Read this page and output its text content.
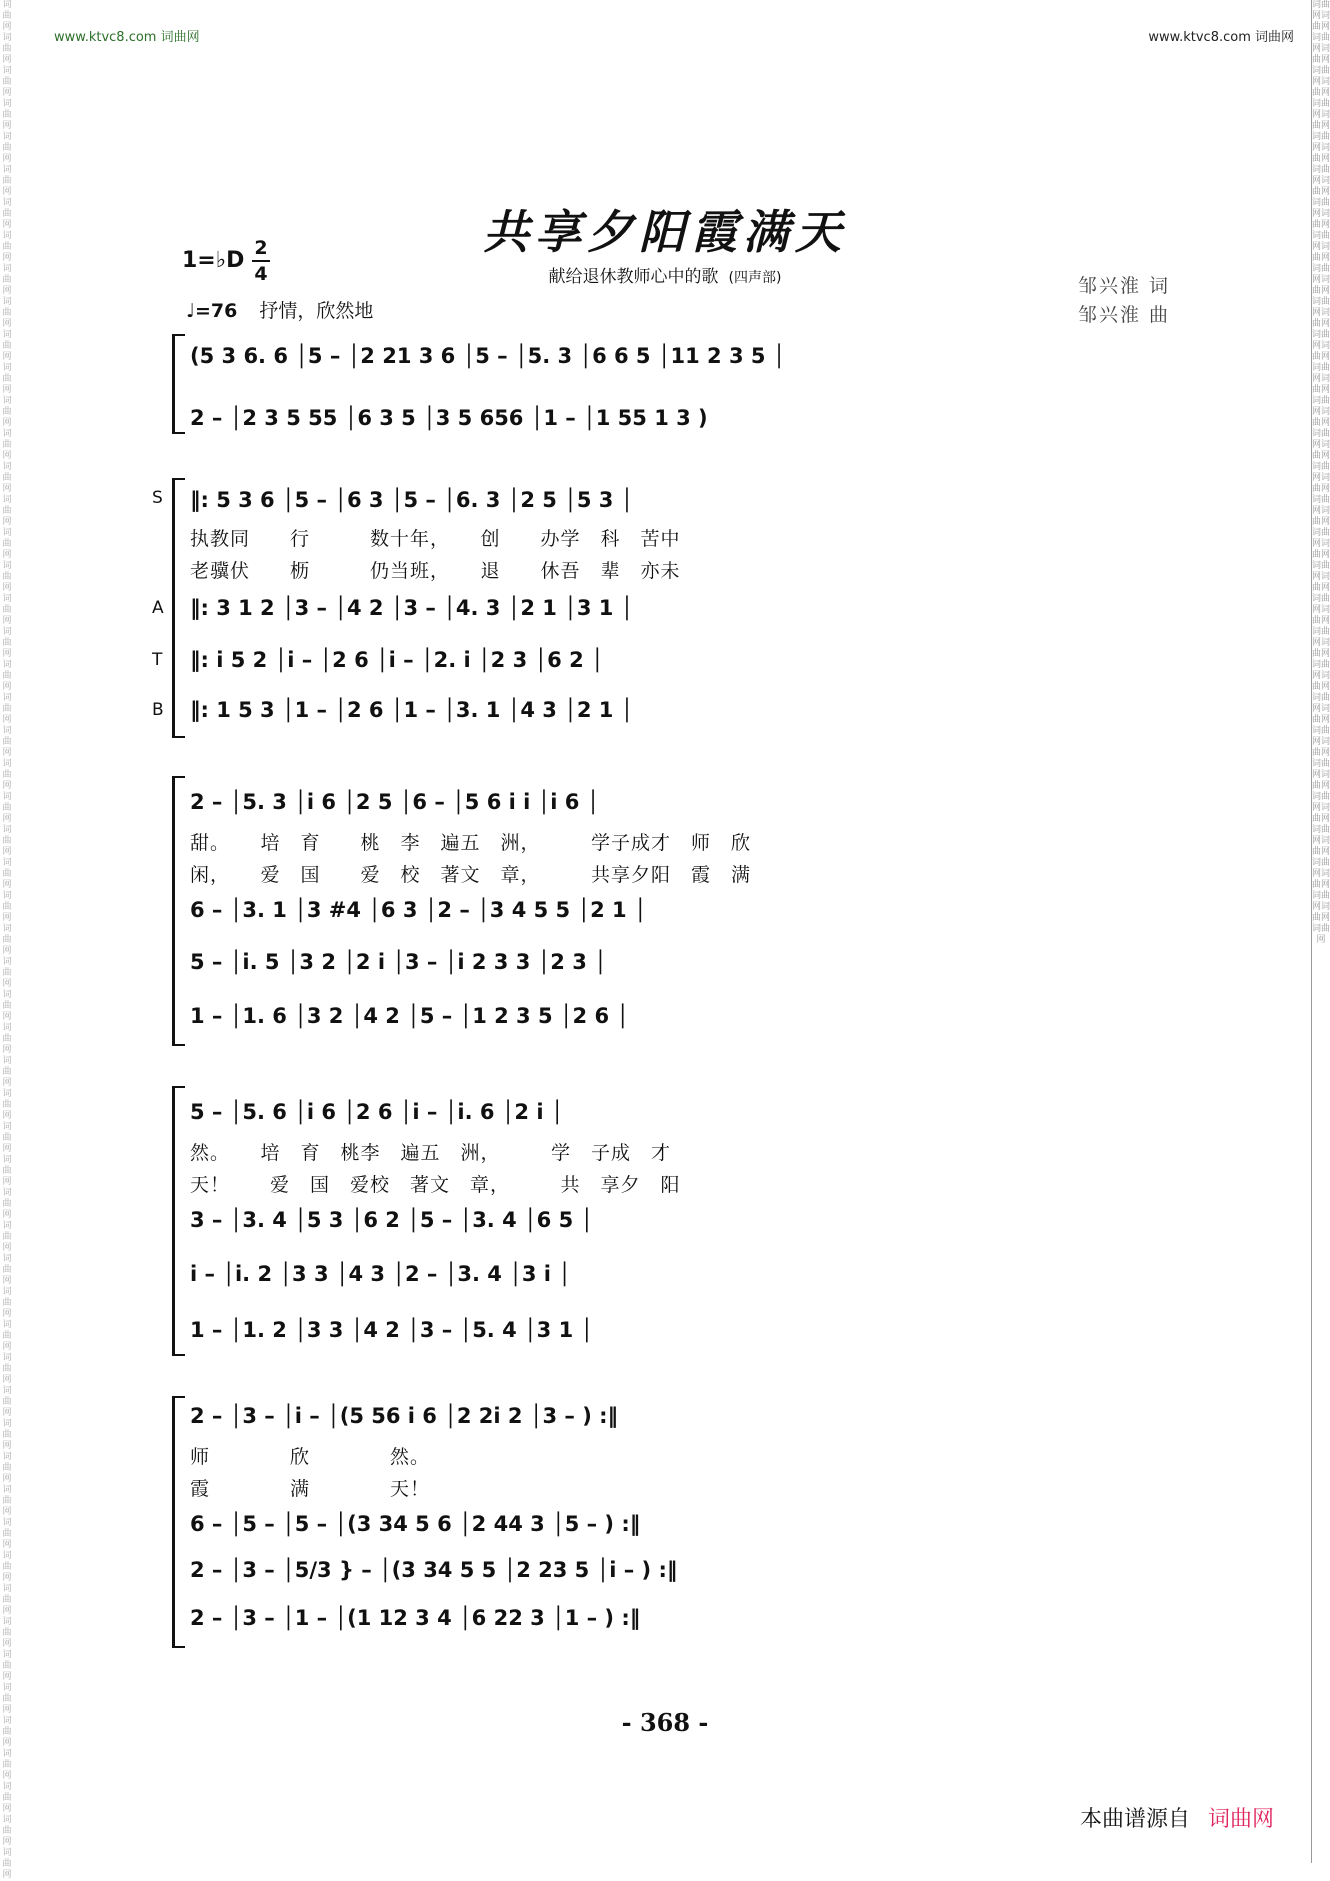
www.ktvc8.com 词曲网	www.ktvc8.com 词曲网
词曲网词曲网词曲网词曲网词曲网词曲网词曲网词曲网词曲网词曲网词曲网词曲网词曲网词曲网词曲网词曲网词曲网词曲网词曲网词曲网词曲网词曲网词曲网词曲网词曲网词曲网词曲网词曲网词曲网词曲网词曲网词曲网词曲网词曲网词曲网词曲网词曲网词曲网词曲网词曲网词曲网词曲网词曲网词曲网词曲网词曲网词曲网词曲网词曲网词曲网词曲网词曲网词曲网词曲网词曲网词曲网词曲网
词曲网词曲网词曲网词曲网词曲网词曲网词曲网词曲网词曲网词曲网词曲网词曲网词曲网词曲网词曲网词曲网词曲网词曲网词曲网词曲网词曲网词曲网词曲网词曲网词曲网词曲网词曲网词曲网词曲网词曲网词曲网词曲网词曲网词曲网词曲网词曲网词曲网词曲网词曲网词曲网词曲网词曲网词曲网词曲网词曲网词曲网词曲网词曲网词曲网词曲网词曲网词曲网词曲网词曲网词曲网词曲网词曲网
共享夕阳霞满天
献给退休教师心中的歌 (四声部)	邹兴淮 词
邹兴淮 曲
1=♭D 2
4
♩=76 抒情，欣然地
(5 3 6. 6 │5 – │2 21 3 6 │5 – │5. 3 │6 6 5 │11 2 3 5 │
2 – │2 3 5 55 │6 3 5 │3 5 656 │1 – │1 55 1 3 )
S ‖: 5 3 6 │5 – │6 3 │5 – │6. 3 │2 5 │5 3 │
执教同　　行　　　数十年，　　创　　办学　科　苦中
老骥伏　　枥　　　仍当班，　　退　　休吾　辈　亦未
A ‖: 3 1 2 │3 – │4 2 │3 – │4. 3 │2 1 │3 1 │
T ‖: i 5 2 │i – │2 6 │i – │2. i │2 3 │6 2 │
B ‖: 1 5 3 │1 – │2 6 │1 – │3. 1 │4 3 │2 1 │
2 – │5. 3 │i 6 │2 5 │6 – │5 6 i i │i 6 │
甜。　　培　育　　桃　李　遍五　洲，　　　学子成才　师　欣
闲，　　爱　国　　爱　校　著文　章，　　　共享夕阳　霞　满
6 – │3. 1 │3 #4 │6 3 │2 – │3 4 5 5 │2 1 │
5 – │i. 5 │3 2 │2 i │3 – │i 2 3 3 │2 3 │
1 – │1. 6 │3 2 │4 2 │5 – │1 2 3 5 │2 6 │
5 – │5. 6 │i 6 │2 6 │i – │i. 6 │2 i │
然。　　培　育　桃李　遍五　洲，　　　学　子成　才
天！　　爱　国　爱校　著文　章，　　　共　享夕　阳
3 – │3. 4 │5 3 │6 2 │5 – │3. 4 │6 5 │
i – │i. 2 │3 3 │4 3 │2 – │3. 4 │3 i │
1 – │1. 2 │3 3 │4 2 │3 – │5. 4 │3 1 │
2 – │3 – │i – │(5 56 i 6 │2 2i 2 │3 – ) :‖
师　　　　欣　　　　然。
霞　　　　满　　　　天！
6 – │5 – │5 – │(3 34 5 6 │2 44 3 │5 – ) :‖
2 – │3 – │5/3 } – │(3 34 5 5 │2 23 5 │i – ) :‖
2 – │3 – │1 – │(1 12 3 4 │6 22 3 │1 – ) :‖
- 368 -
本曲谱源自 词曲网
